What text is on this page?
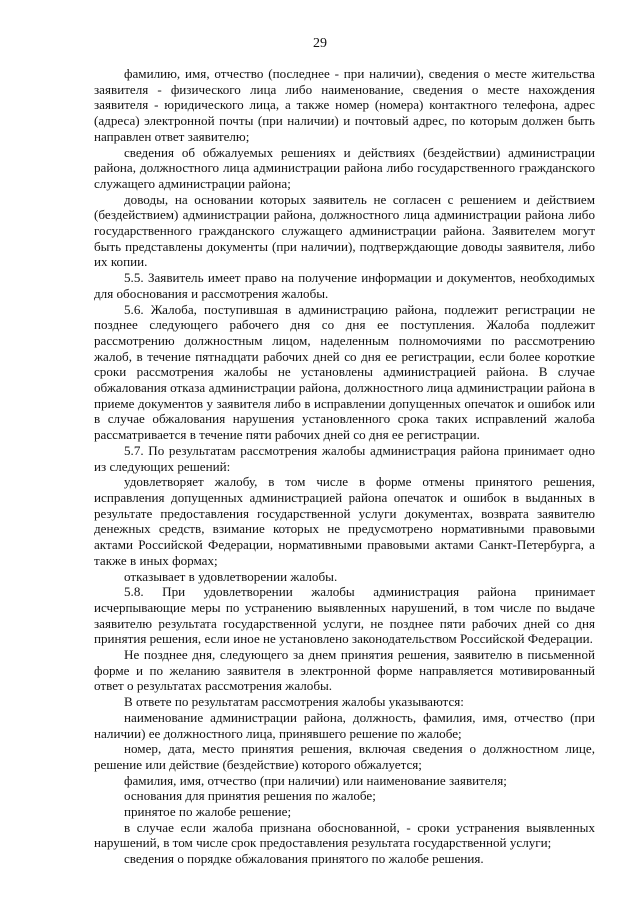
29

фамилию, имя, отчество (последнее - при наличии), сведения о месте жительства заявителя - физического лица либо наименование, сведения о месте нахождения заявителя - юридического лица, а также номер (номера) контактного телефона, адрес (адреса) электронной почты (при наличии) и почтовый адрес, по которым должен быть направлен ответ заявителю;

сведения об обжалуемых решениях и действиях (бездействии) администрации района, должностного лица администрации района либо государственного гражданского служащего администрации района;

доводы, на основании которых заявитель не согласен с решением и действием (бездействием) администрации района, должностного лица администрации района либо государственного гражданского служащего администрации района. Заявителем могут быть представлены документы (при наличии), подтверждающие доводы заявителя, либо их копии.

5.5. Заявитель имеет право на получение информации и документов, необходимых для обоснования и рассмотрения жалобы.

5.6. Жалоба, поступившая в администрацию района, подлежит регистрации не позднее следующего рабочего дня со дня ее поступления. Жалоба подлежит рассмотрению должностным лицом, наделенным полномочиями по рассмотрению жалоб, в течение пятнадцати рабочих дней со дня ее регистрации, если более короткие сроки рассмотрения жалобы не установлены администрацией района. В случае обжалования отказа администрации района, должностного лица администрации района в приеме документов у заявителя либо в исправлении допущенных опечаток и ошибок или в случае обжалования нарушения установленного срока таких исправлений жалоба рассматривается в течение пяти рабочих дней со дня ее регистрации.

5.7. По результатам рассмотрения жалобы администрация района принимает одно из следующих решений:

удовлетворяет жалобу, в том числе в форме отмены принятого решения, исправления допущенных администрацией района опечаток и ошибок в выданных в результате предоставления государственной услуги документах, возврата заявителю денежных средств, взимание которых не предусмотрено нормативными правовыми актами Российской Федерации, нормативными правовыми актами Санкт-Петербурга, а также в иных формах;

отказывает в удовлетворении жалобы.

5.8. При удовлетворении жалобы администрация района принимает исчерпывающие меры по устранению выявленных нарушений, в том числе по выдаче заявителю результата государственной услуги, не позднее пяти рабочих дней со дня принятия решения, если иное не установлено законодательством Российской Федерации.

Не позднее дня, следующего за днем принятия решения, заявителю в письменной форме и по желанию заявителя в электронной форме направляется мотивированный ответ о результатах рассмотрения жалобы.

В ответе по результатам рассмотрения жалобы указываются:

наименование администрации района, должность, фамилия, имя, отчество (при наличии) ее должностного лица, принявшего решение по жалобе;

номер, дата, место принятия решения, включая сведения о должностном лице, решение или действие (бездействие) которого обжалуется;

фамилия, имя, отчество (при наличии) или наименование заявителя;

основания для принятия решения по жалобе;

принятое по жалобе решение;

в случае если жалоба признана обоснованной, - сроки устранения выявленных нарушений, в том числе срок предоставления результата государственной услуги;

сведения о порядке обжалования принятого по жалобе решения.
